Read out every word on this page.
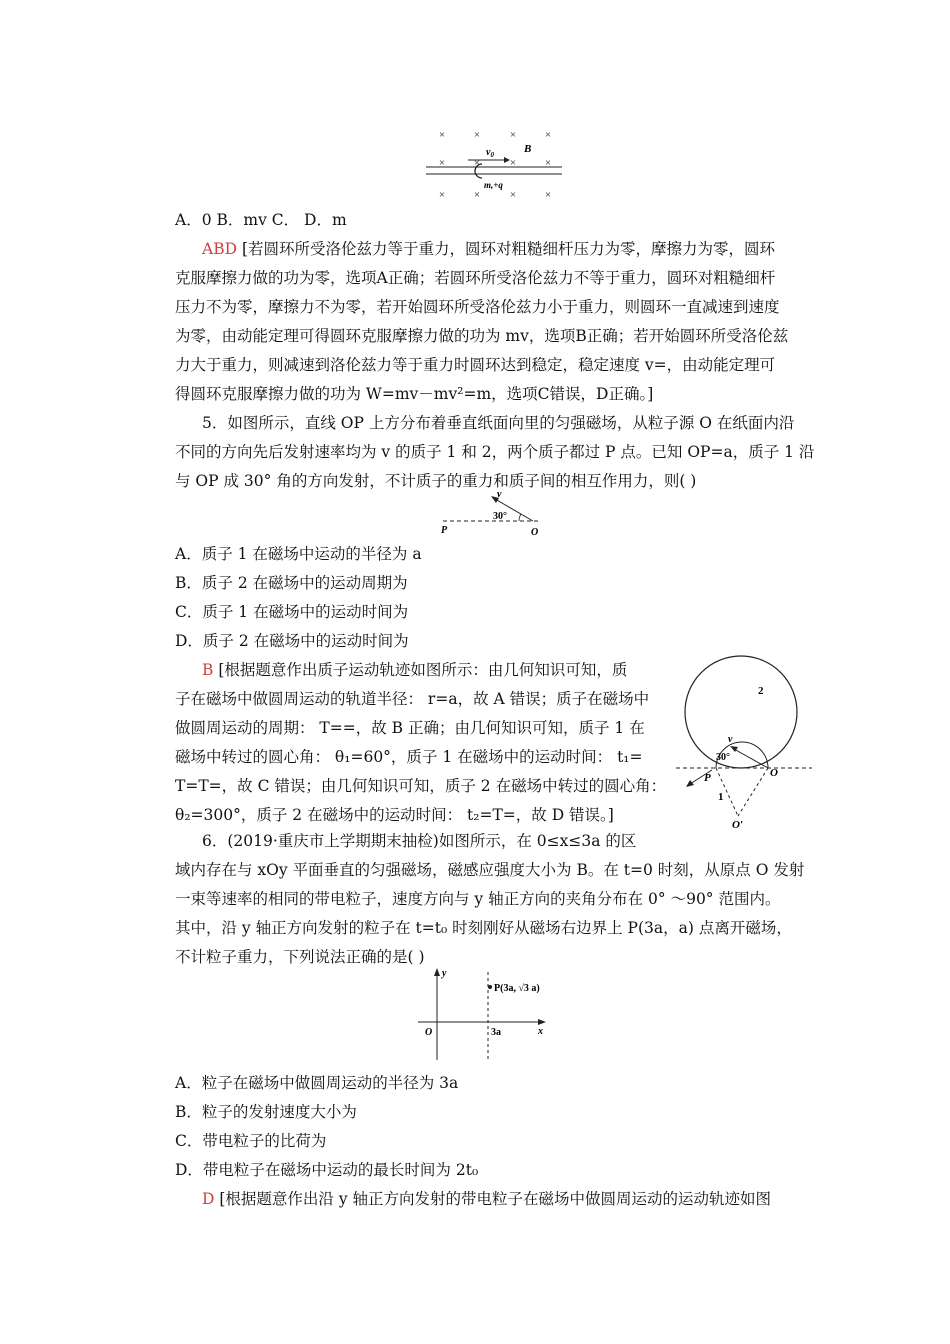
×	×	×	×
×	×	×	×
×	×	×	×
$v_0$	B
m,+q
A．0 B．mv C． D．m
ABD [若圆环所受洛伦兹力等于重力，圆环对粗糙细杆压力为零，摩擦力为零，圆环
克服摩擦力做的功为零，选项A正确；若圆环所受洛伦兹力不等于重力，圆环对粗糙细杆
压力不为零，摩擦力不为零，若开始圆环所受洛伦兹力小于重力，则圆环一直减速到速度
为零，由动能定理可得圆环克服摩擦力做的功为 mv，选项B正确；若开始圆环所受洛伦兹
力大于重力，则减速到洛伦兹力等于重力时圆环达到稳定，稳定速度 v=，由动能定理可
得圆环克服摩擦力做的功为 W=mv－mv²=m，选项C错误，D正确。]
5．如图所示，直线 OP 上方分布着垂直纸面向里的匀强磁场，从粒子源 O 在纸面内沿
不同的方向先后发射速率均为 v 的质子 1 和 2，两个质子都过 P 点。已知 OP=a，质子 1 沿
与 OP 成 30° 角的方向发射，不计质子的重力和质子间的相互作用力，则( )
v
30°
P	O
A．质子 1 在磁场中运动的半径为 a
B．质子 2 在磁场中的运动周期为
C．质子 1 在磁场中的运动时间为
D．质子 2 在磁场中的运动时间为
B [根据题意作出质子运动轨迹如图所示：由几何知识可知，质
子在磁场中做圆周运动的轨道半径： r=a，故 A 错误；质子在磁场中
做圆周运动的周期： T==，故 B 正确；由几何知识可知，质子 1 在
磁场中转过的圆心角： θ₁=60°，质子 1 在磁场中的运动时间： t₁=
T=T=，故 C 错误；由几何知识可知，质子 2 在磁场中转过的圆心角：
θ₂=300°，质子 2 在磁场中的运动时间： t₂=T=，故 D 错误。]
2
v
30°
P	O
1
O′
6．(2019·重庆市上学期期末抽检)如图所示，在 0≤x≤3a 的区
域内存在与 xOy 平面垂直的匀强磁场，磁感应强度大小为 B。在 t=0 时刻，从原点 O 发射
一束等速率的相同的带电粒子，速度方向与 y 轴正方向的夹角分布在 0° ～90° 范围内。
其中，沿 y 轴正方向发射的粒子在 t=t₀ 时刻刚好从磁场右边界上 P(3a，a) 点离开磁场，
不计粒子重力，下列说法正确的是( )
y
x
O	3a
P(3a, √3 a)
A．粒子在磁场中做圆周运动的半径为 3a
B．粒子的发射速度大小为
C．带电粒子的比荷为
D．带电粒子在磁场中运动的最长时间为 2t₀
D [根据题意作出沿 y 轴正方向发射的带电粒子在磁场中做圆周运动的运动轨迹如图
